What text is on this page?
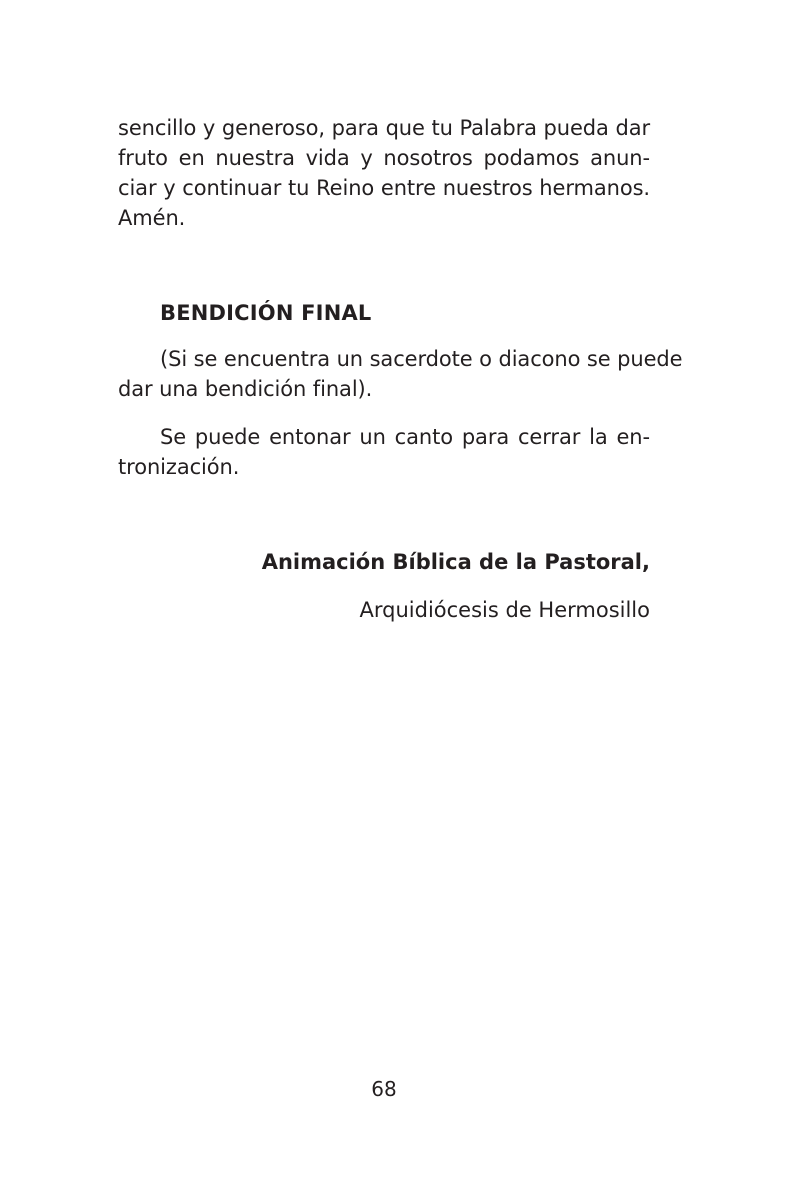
sencillo y generoso, para que tu Palabra pueda dar
fruto en nuestra vida y nosotros podamos anun-
ciar y continuar tu Reino entre nuestros hermanos.
Amén.
BENDICIÓN FINAL
(Si se encuentra un sacerdote o diacono se puede
dar una bendición final).
Se puede entonar un canto para cerrar la en-
tronización.
Animación Bíblica de la Pastoral,
Arquidiócesis de Hermosillo
68
